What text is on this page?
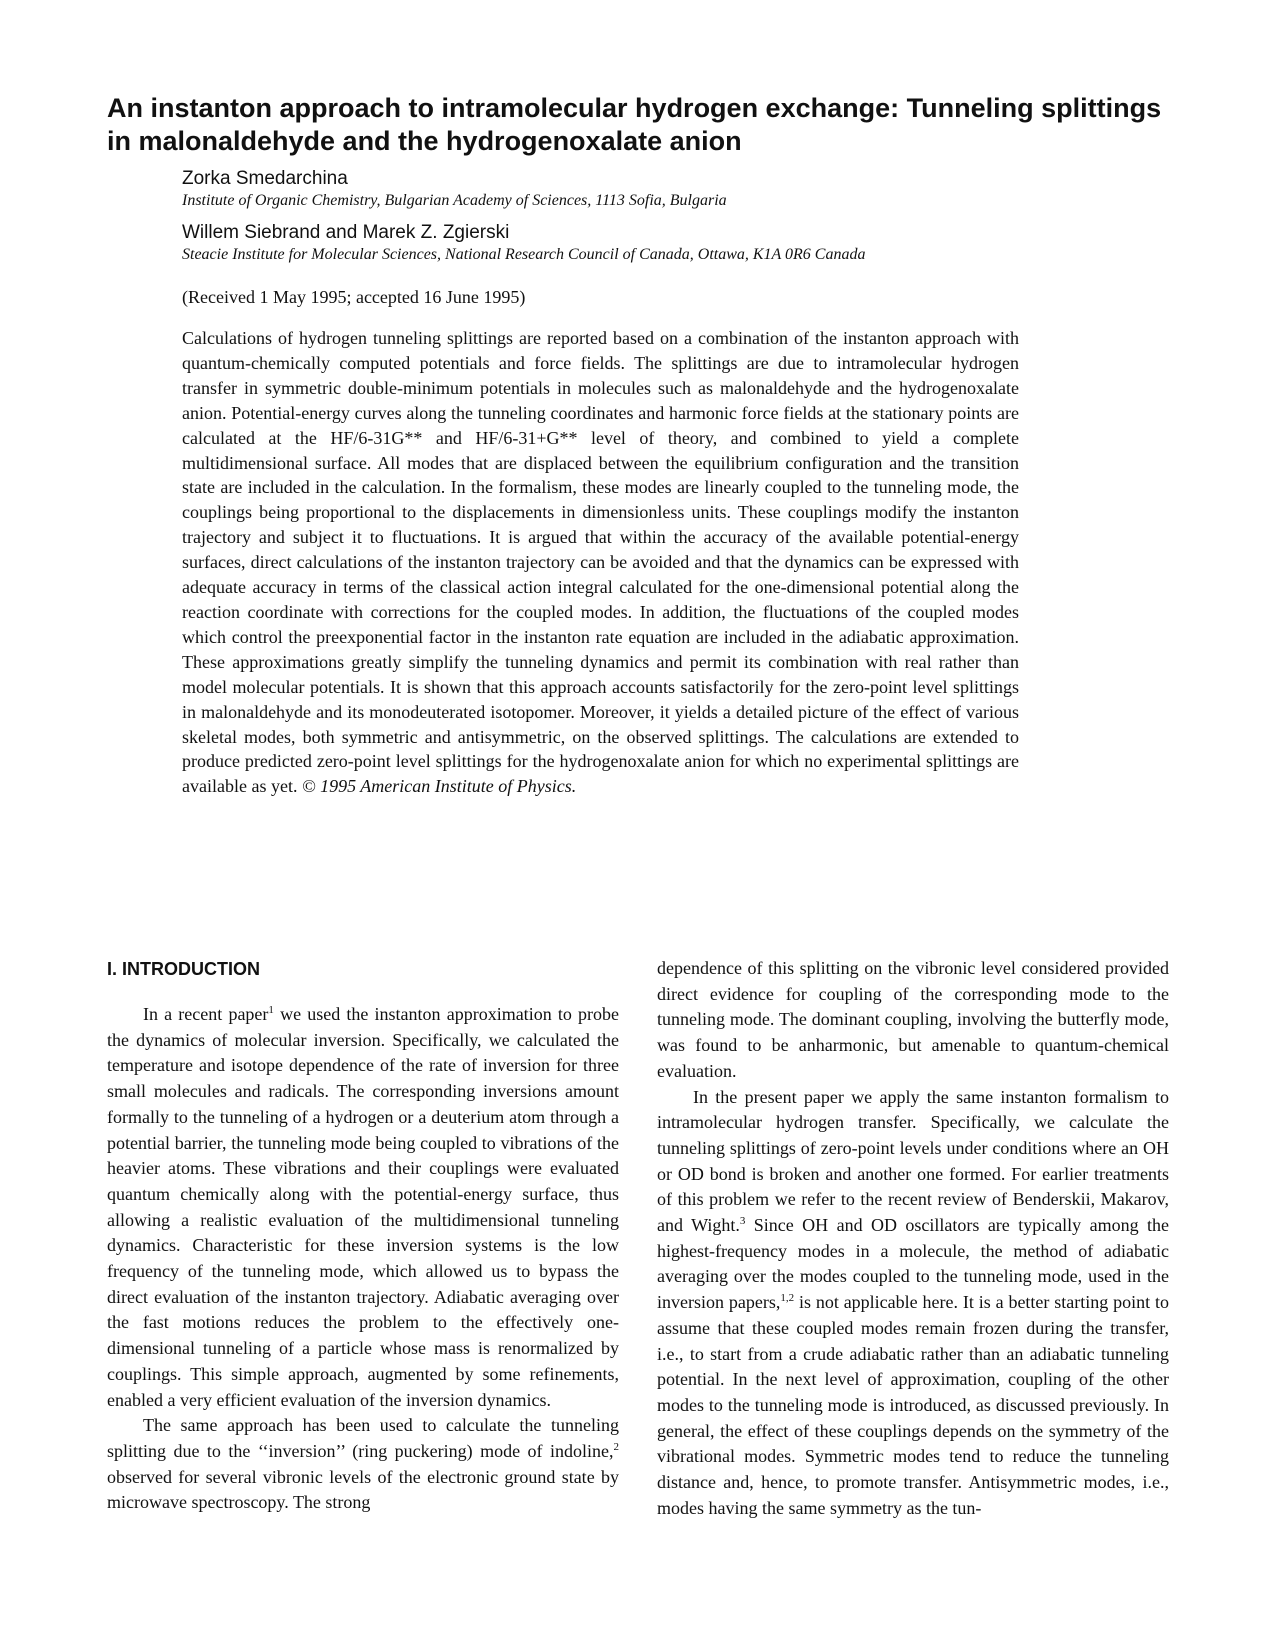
An instanton approach to intramolecular hydrogen exchange: Tunneling splittings in malonaldehyde and the hydrogenoxalate anion
Zorka Smedarchina
Institute of Organic Chemistry, Bulgarian Academy of Sciences, 1113 Sofia, Bulgaria
Willem Siebrand and Marek Z. Zgierski
Steacie Institute for Molecular Sciences, National Research Council of Canada, Ottawa, K1A 0R6 Canada
(Received 1 May 1995; accepted 16 June 1995)

Calculations of hydrogen tunneling splittings are reported based on a combination of the instanton approach with quantum-chemically computed potentials and force fields. The splittings are due to intramolecular hydrogen transfer in symmetric double-minimum potentials in molecules such as malonaldehyde and the hydrogenoxalate anion. Potential-energy curves along the tunneling coordinates and harmonic force fields at the stationary points are calculated at the HF/6-31G** and HF/6-31+G** level of theory, and combined to yield a complete multidimensional surface. All modes that are displaced between the equilibrium configuration and the transition state are included in the calculation. In the formalism, these modes are linearly coupled to the tunneling mode, the couplings being proportional to the displacements in dimensionless units. These couplings modify the instanton trajectory and subject it to fluctuations. It is argued that within the accuracy of the available potential-energy surfaces, direct calculations of the instanton trajectory can be avoided and that the dynamics can be expressed with adequate accuracy in terms of the classical action integral calculated for the one-dimensional potential along the reaction coordinate with corrections for the coupled modes. In addition, the fluctuations of the coupled modes which control the preexponential factor in the instanton rate equation are included in the adiabatic approximation. These approximations greatly simplify the tunneling dynamics and permit its combination with real rather than model molecular potentials. It is shown that this approach accounts satisfactorily for the zero-point level splittings in malonaldehyde and its monodeuterated isotopomer. Moreover, it yields a detailed picture of the effect of various skeletal modes, both symmetric and antisymmetric, on the observed splittings. The calculations are extended to produce predicted zero-point level splittings for the hydrogenoxalate anion for which no experimental splittings are available as yet. © 1995 American Institute of Physics.

I. INTRODUCTION

In a recent paper$^1$ we used the instanton approximation to probe the dynamics of molecular inversion. Specifically, we calculated the temperature and isotope dependence of the rate of inversion for three small molecules and radicals. The corresponding inversions amount formally to the tunneling of a hydrogen or a deuterium atom through a potential barrier, the tunneling mode being coupled to vibrations of the heavier atoms. These vibrations and their couplings were evaluated quantum chemically along with the potential-energy surface, thus allowing a realistic evaluation of the multidimensional tunneling dynamics. Characteristic for these inversion systems is the low frequency of the tunneling mode, which allowed us to bypass the direct evaluation of the instanton trajectory. Adiabatic averaging over the fast motions reduces the problem to the effectively one-dimensional tunneling of a particle whose mass is renormalized by couplings. This simple approach, augmented by some refinements, enabled a very efficient evaluation of the inversion dynamics.

The same approach has been used to calculate the tunneling splitting due to the ‘‘inversion’’ (ring puckering) mode of indoline,$^2$ observed for several vibronic levels of the electronic ground state by microwave spectroscopy. The strong

dependence of this splitting on the vibronic level considered provided direct evidence for coupling of the corresponding mode to the tunneling mode. The dominant coupling, involving the butterfly mode, was found to be anharmonic, but amenable to quantum-chemical evaluation.

In the present paper we apply the same instanton formalism to intramolecular hydrogen transfer. Specifically, we calculate the tunneling splittings of zero-point levels under conditions where an OH or OD bond is broken and another one formed. For earlier treatments of this problem we refer to the recent review of Benderskii, Makarov, and Wight.$^3$ Since OH and OD oscillators are typically among the highest-frequency modes in a molecule, the method of adiabatic averaging over the modes coupled to the tunneling mode, used in the inversion papers,$^{1,2}$ is not applicable here. It is a better starting point to assume that these coupled modes remain frozen during the transfer, i.e., to start from a crude adiabatic rather than an adiabatic tunneling potential. In the next level of approximation, coupling of the other modes to the tunneling mode is introduced, as discussed previously. In general, the effect of these couplings depends on the symmetry of the vibrational modes. Symmetric modes tend to reduce the tunneling distance and, hence, to promote transfer. Antisymmetric modes, i.e., modes having the same symmetry as the tun-
